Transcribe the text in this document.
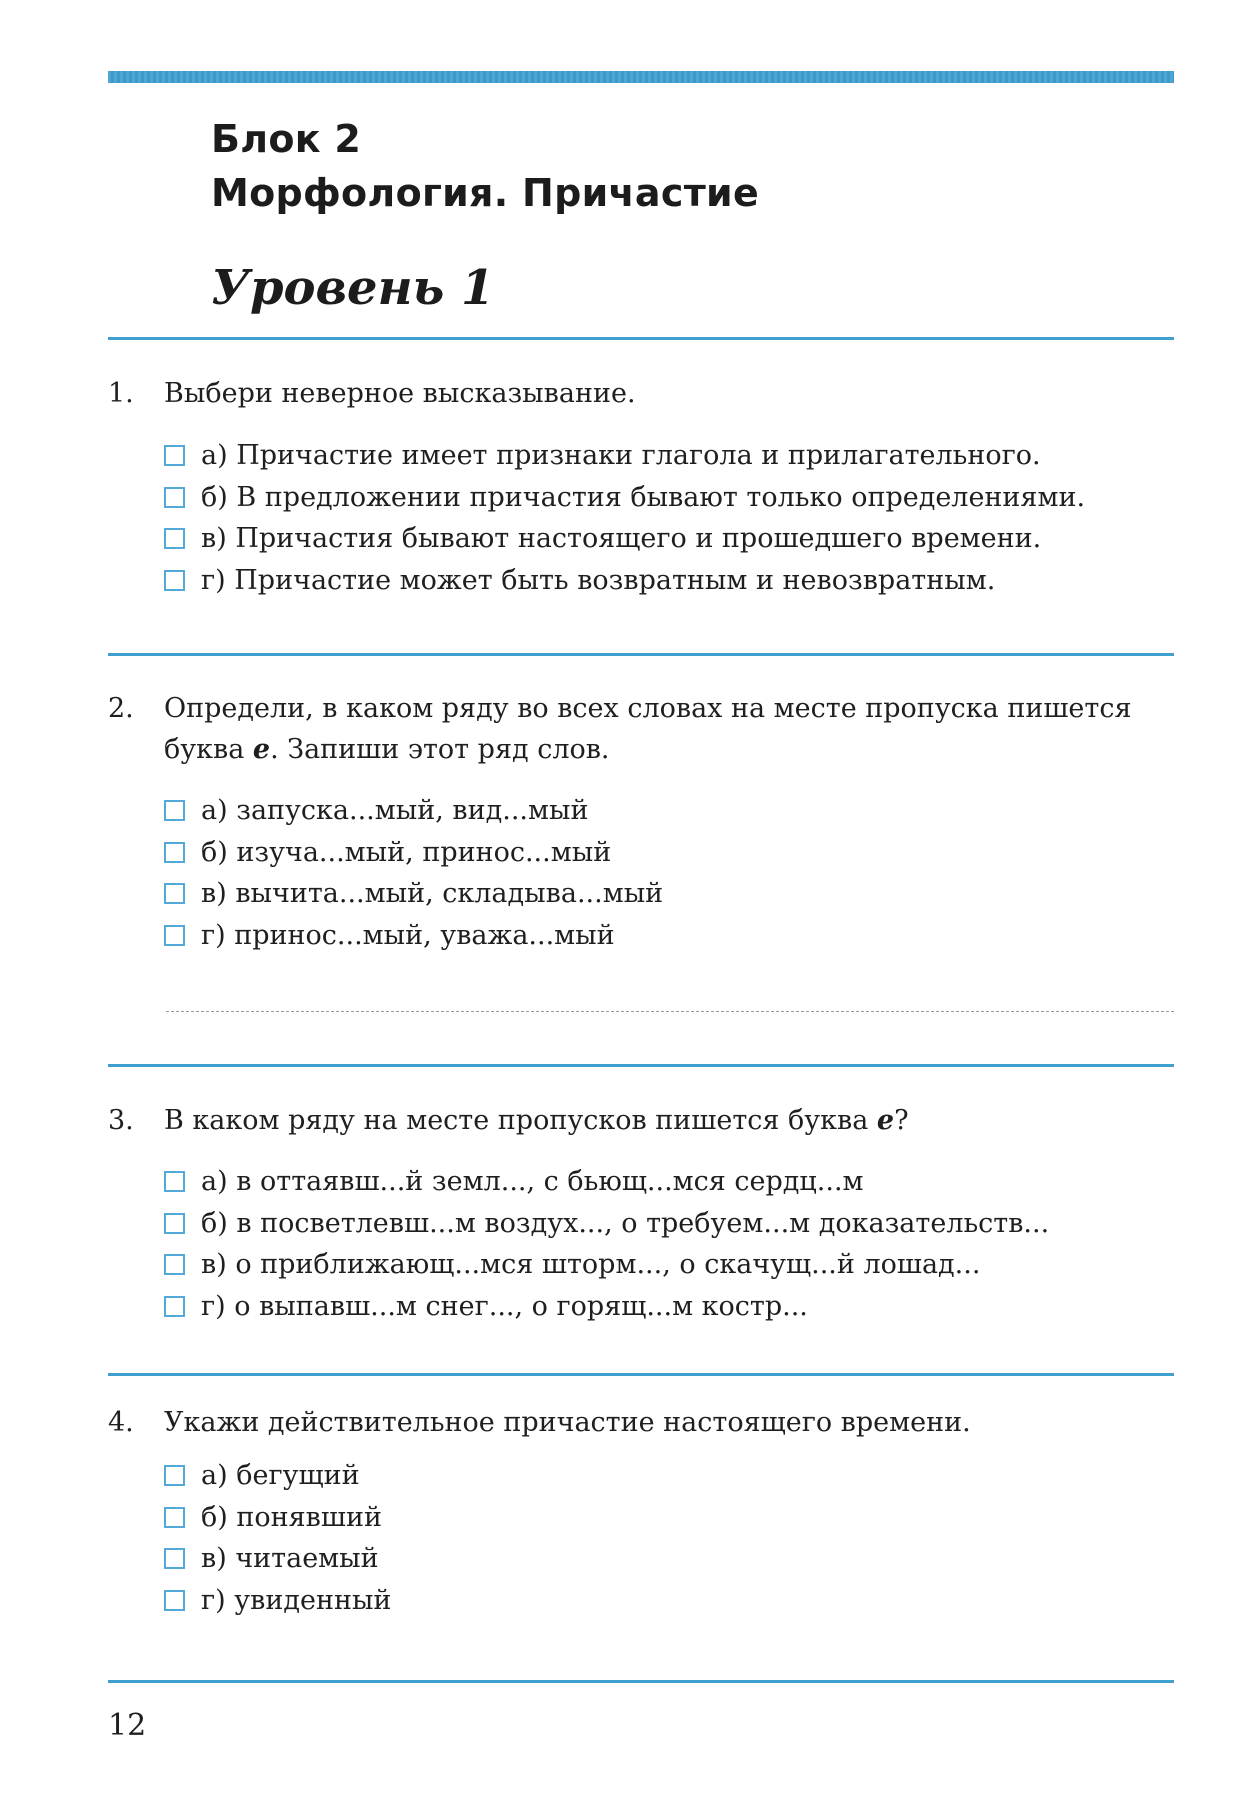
Блок 2
Морфология. Причастие
Уровень 1
1. Выбери неверное высказывание.
а) Причастие имеет признаки глагола и прилагательного.
б) В предложении причастия бывают только определениями.
в) Причастия бывают настоящего и прошедшего времени.
г) Причастие может быть возвратным и невозвратным.
2. Определи, в каком ряду во всех словах на месте пропуска пишется
буква е. Запиши этот ряд слов.
а) запуска...мый, вид...мый
б) изуча...мый, принос...мый
в) вычита...мый, складыва...мый
г) принос...мый, уважа...мый
3. В каком ряду на месте пропусков пишется буква е?
а) в оттаявш...й земл..., с бьющ...мся сердц...м
б) в посветлевш...м воздух..., о требуем...м доказательств...
в) о приближающ...мся шторм..., о скачущ...й лошад...
г) о выпавш...м снег..., о горящ...м костр...
4. Укажи действительное причастие настоящего времени.
а) бегущий
б) понявший
в) читаемый
г) увиденный
12
